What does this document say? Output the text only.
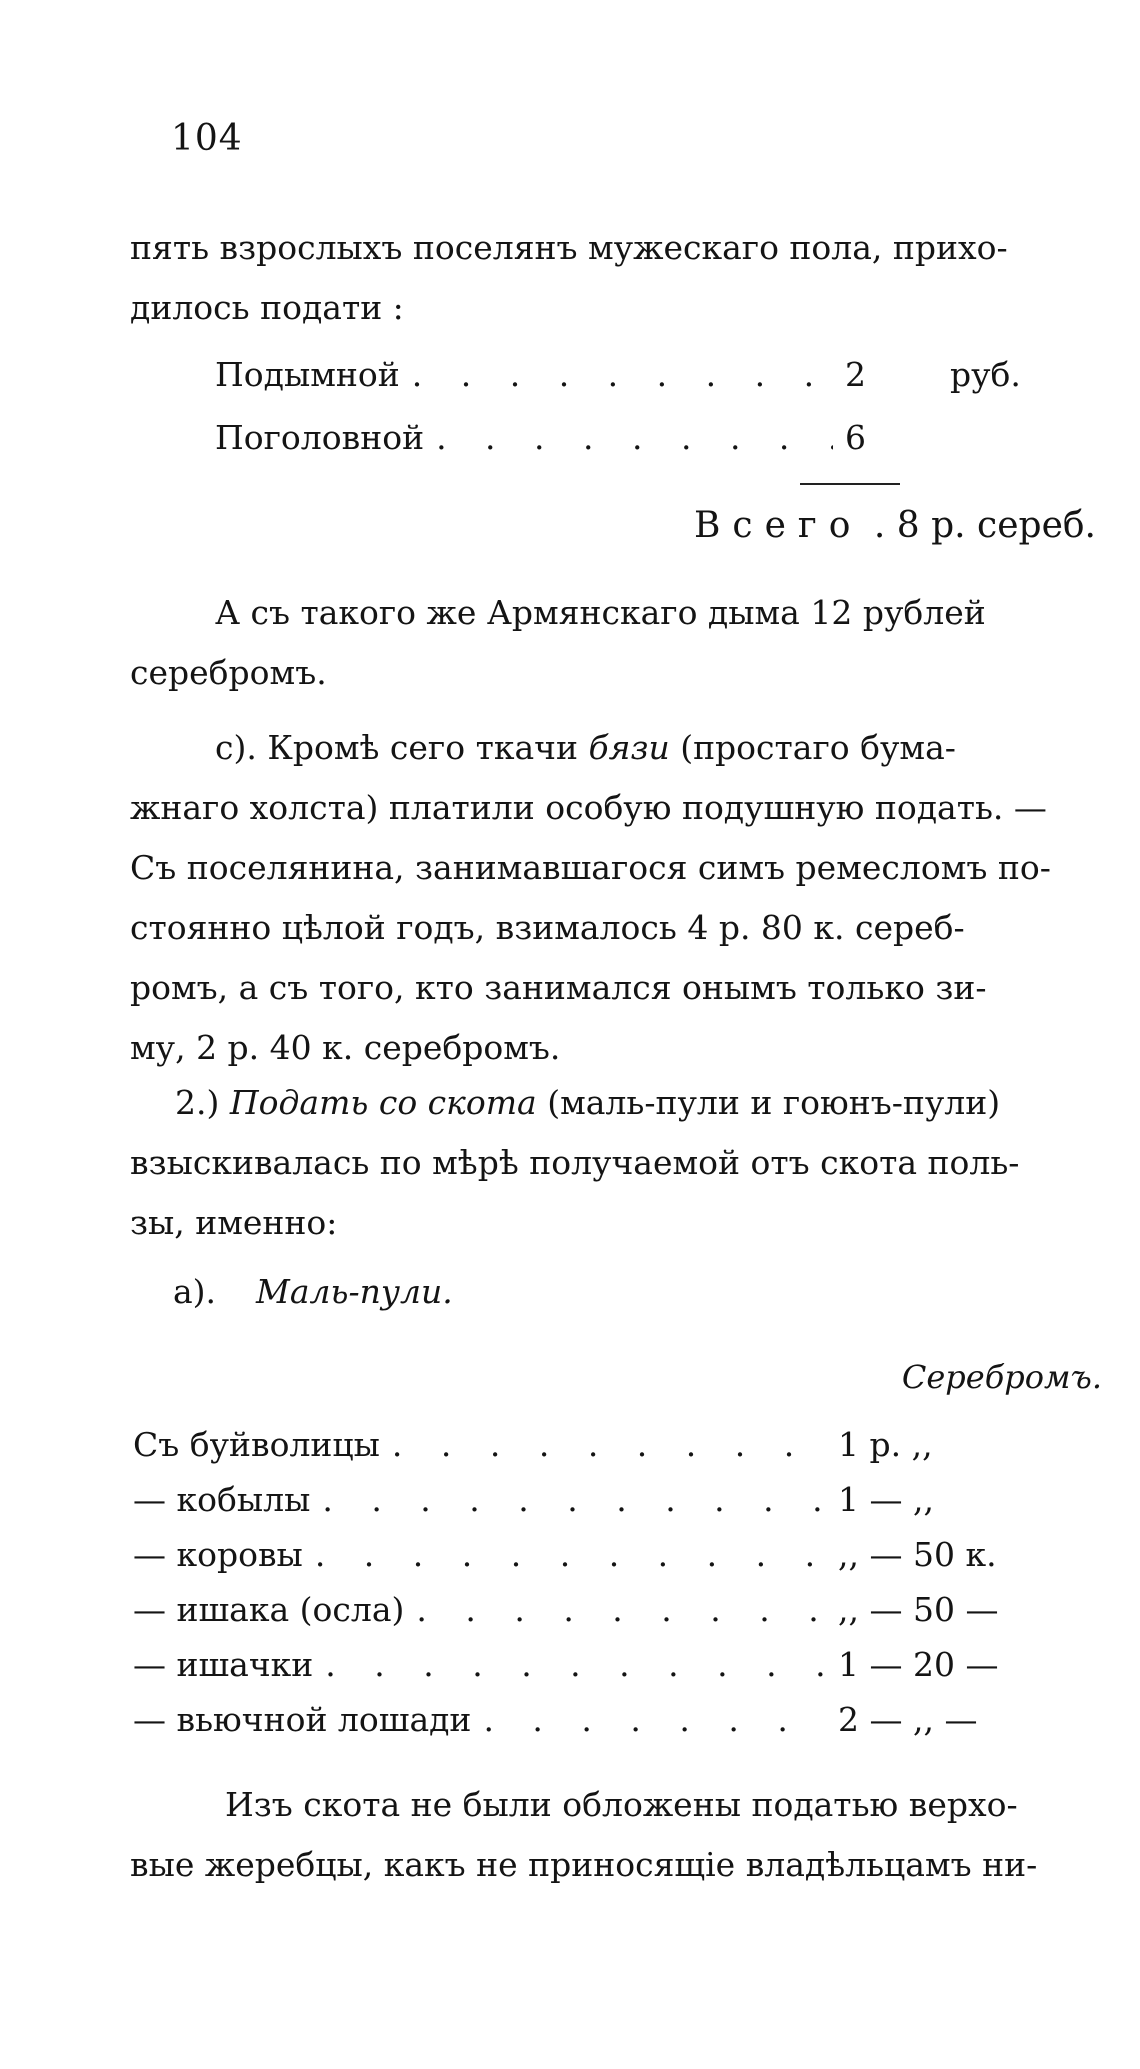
104
пять взрослыхъ поселянъ мужескаго пола, прихо-
дилось подати :
Подымной . . .	2	руб.
Поголовной . . .	6
Всего . 8 р. сереб.
А съ такого же Армянскаго дыма 12 рублей
серебромъ.
с). Кромѣ сего ткачи бязи (простаго бума-
жнаго холста) платили особую подушную подать. —
Съ поселянина, занимавшагося симъ ремесломъ по-
стоянно цѣлой годъ, взималось 4 р. 80 к. сереб-
ромъ, а съ того, кто занимался онымъ только зи-
му, 2 р. 40 к. серебромъ.
2.) Подать со скота (маль-пули и гоюнъ-пули)
взыскивалась по мѣрѣ получаемой отъ скота поль-
зы, именно:
а). Маль-пули.
Серебромъ.
Съ буйволицы . . .	1 р. ,,
— кобылы . . .	1 — ,,
— коровы . . .	,, — 50 к.
— ишака (осла) . . .	,, — 50 —
— ишачки . . .	1 — 20 —
— вьючной лошади . . .	2 — ,, —
Изъ скота не были обложены податью верхо-
вые жеребцы, какъ не приносящіе владѣльцамъ ни-
